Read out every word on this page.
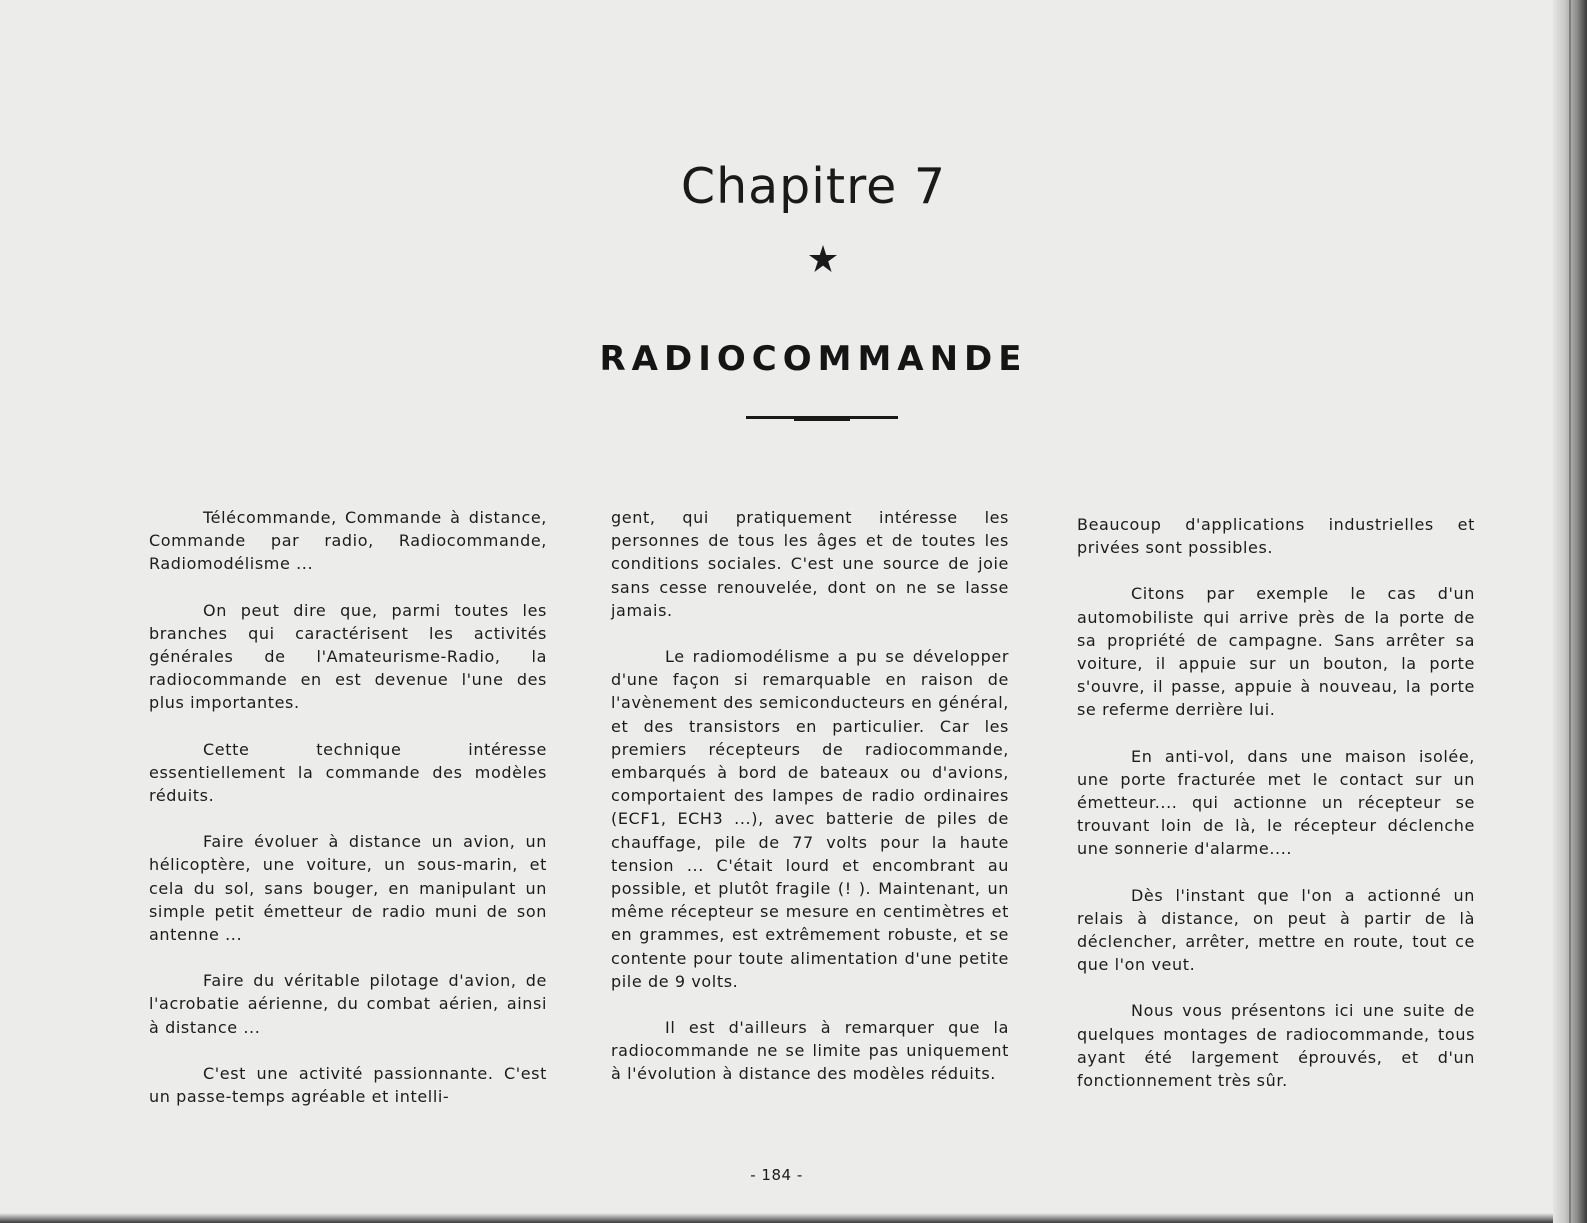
Chapitre 7
RADIOCOMMANDE

Télécommande, Commande à distance, Commande par radio, Radiocommande, Radiomodélisme ...

On peut dire que, parmi toutes les branches qui caractérisent les activités générales de l'Amateurisme-Radio, la radiocommande en est devenue l'une des plus importantes.

Cette technique intéresse essentiellement la commande des modèles réduits.

Faire évoluer à distance un avion, un hélicoptère, une voiture, un sous-marin, et cela du sol, sans bouger, en manipulant un simple petit émetteur de radio muni de son antenne ...

Faire du véritable pilotage d'avion, de l'acrobatie aérienne, du combat aérien, ainsi à distance ...

C'est une activité passionnante. C'est un passe-temps agréable et intelli-

gent, qui pratiquement intéresse les personnes de tous les âges et de toutes les conditions sociales. C'est une source de joie sans cesse renouvelée, dont on ne se lasse jamais.

Le radiomodélisme a pu se développer d'une façon si remarquable en raison de l'avènement des semiconducteurs en général, et des transistors en particulier. Car les premiers récepteurs de radiocommande, embarqués à bord de bateaux ou d'avions, comportaient des lampes de radio ordinaires (ECF1, ECH3 ...), avec batterie de piles de chauffage, pile de 77 volts pour la haute tension ... C'était lourd et encombrant au possible, et plutôt fragile (! ). Maintenant, un même récepteur se mesure en centimètres et en grammes, est extrêmement robuste, et se contente pour toute alimentation d'une petite pile de 9 volts.

Il est d'ailleurs à remarquer que la radiocommande ne se limite pas uniquement à l'évolution à distance des modèles réduits.

Beaucoup d'applications industrielles et privées sont possibles.

Citons par exemple le cas d'un automobiliste qui arrive près de la porte de sa propriété de campagne. Sans arrêter sa voiture, il appuie sur un bouton, la porte s'ouvre, il passe, appuie à nouveau, la porte se referme derrière lui.

En anti-vol, dans une maison isolée, une porte fracturée met le contact sur un émetteur.... qui actionne un récepteur se trouvant loin de là, le récepteur déclenche une sonnerie d'alarme....

Dès l'instant que l'on a actionné un relais à distance, on peut à partir de là déclencher, arrêter, mettre en route, tout ce que l'on veut.

Nous vous présentons ici une suite de quelques montages de radiocommande, tous ayant été largement éprouvés, et d'un fonctionnement très sûr.

- 184 -
